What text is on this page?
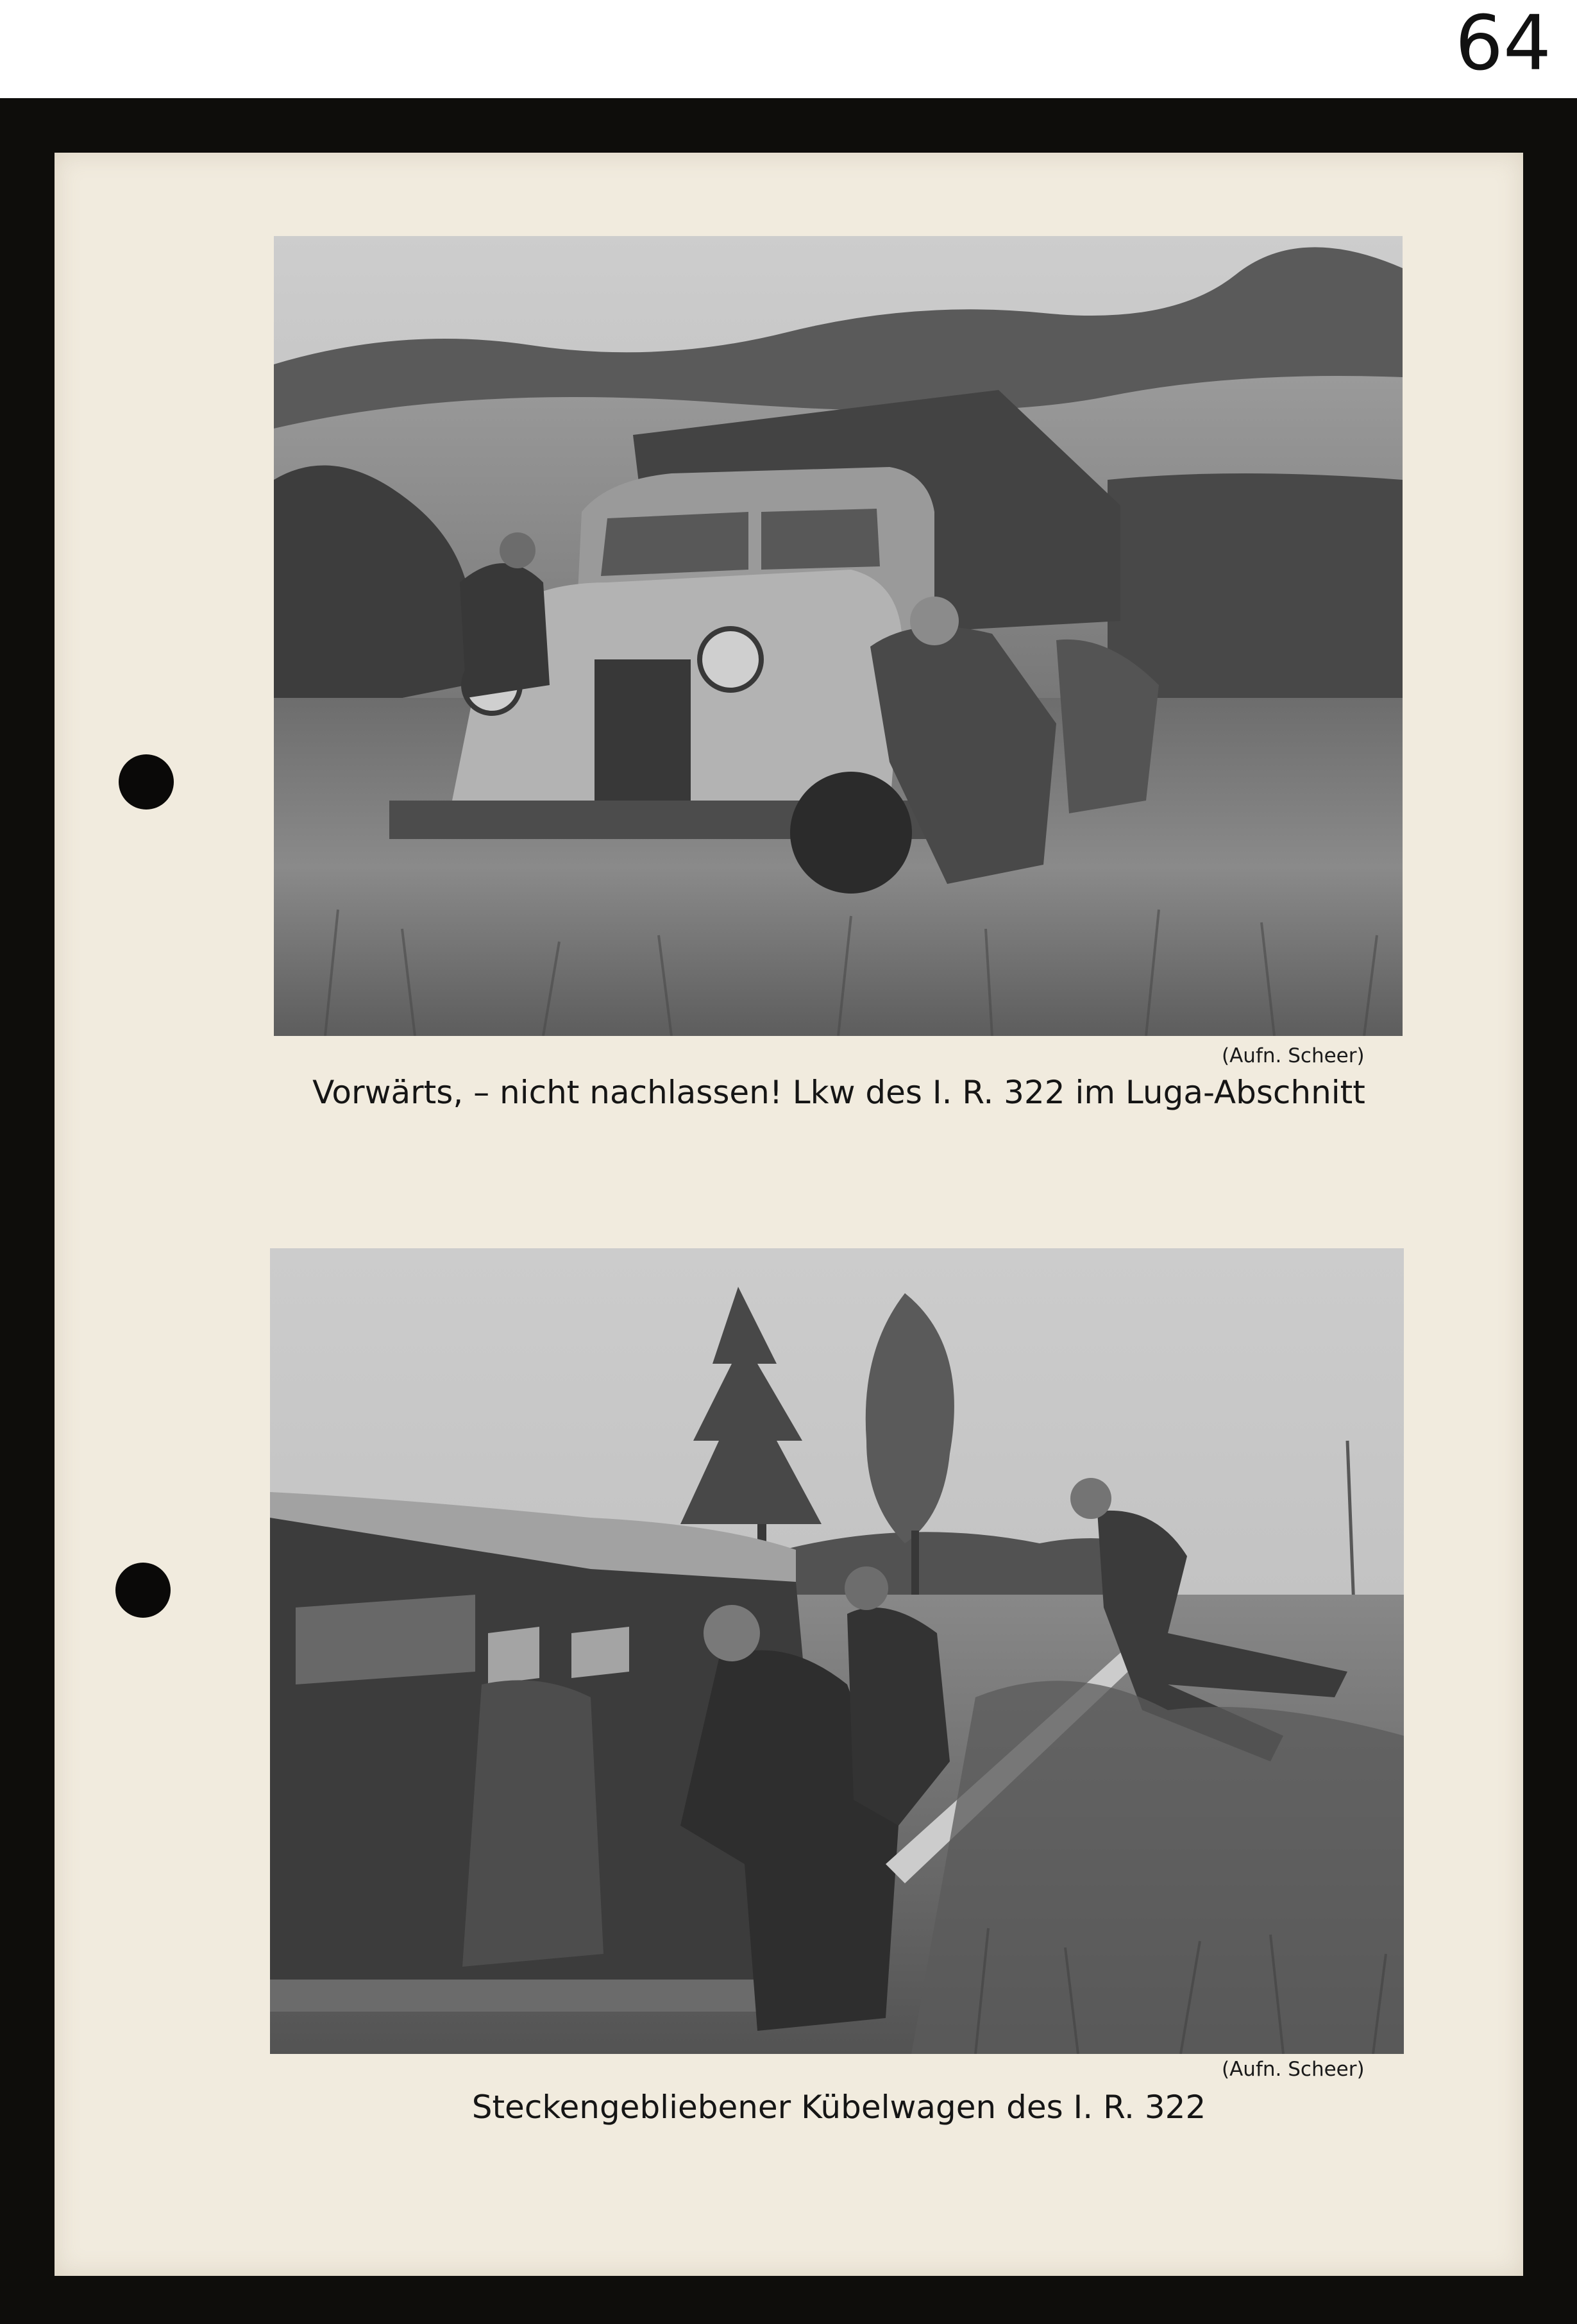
64
(Aufn. Scheer)
Vorwärts, – nicht nachlassen! Lkw des I. R. 322 im Luga-Abschnitt
(Aufn. Scheer)
Steckengebliebener Kübelwagen des I. R. 322
